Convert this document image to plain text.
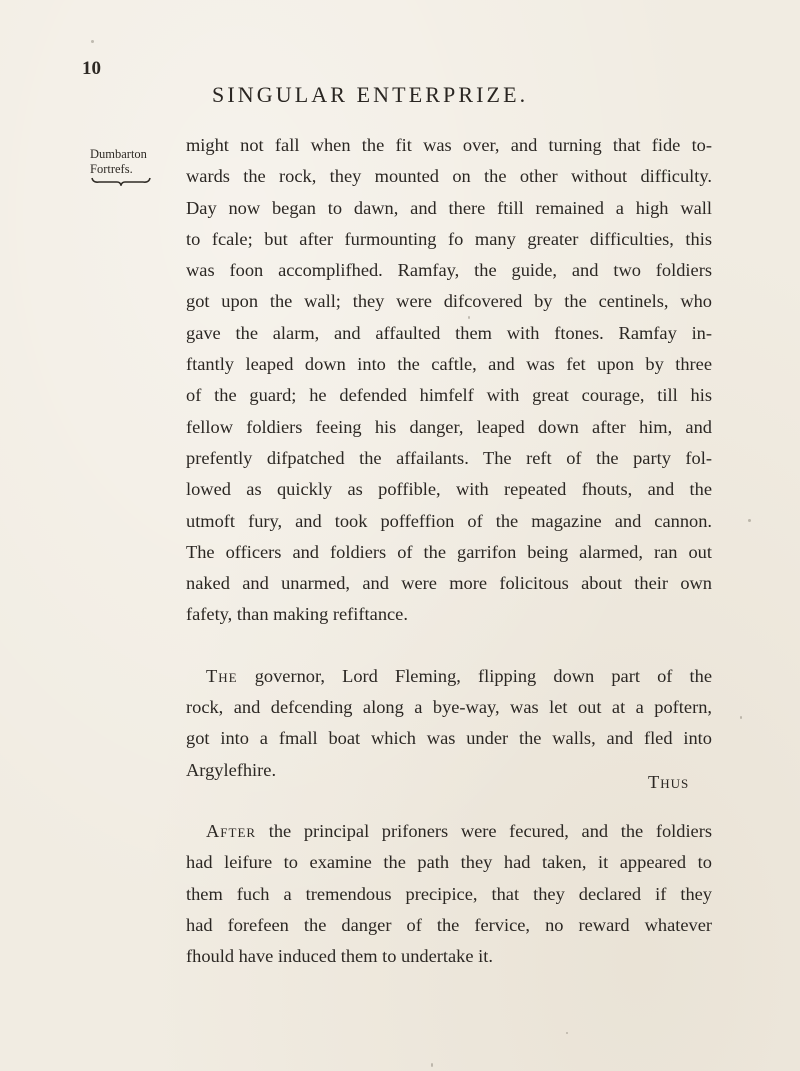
10
SINGULAR ENTERPRIZE.
Dumbarton
Fortrefs.
might not fall when the fit was over, and turning that fide to-
wards the rock, they mounted on the other without difficulty.
Day now began to dawn, and there ftill remained a high wall
to fcale; but after furmounting fo many greater difficulties, this
was foon accomplifhed. Ramfay, the guide, and two foldiers
got upon the wall; they were difcovered by the centinels, who
gave the alarm, and affaulted them with ftones. Ramfay in-
ftantly leaped down into the caftle, and was fet upon by three
of the guard; he defended himfelf with great courage, till his
fellow foldiers feeing his danger, leaped down after him, and
prefently difpatched the affailants. The reft of the party fol-
lowed as quickly as poffible, with repeated fhouts, and the
utmoft fury, and took poffeffion of the magazine and cannon.
The officers and foldiers of the garrifon being alarmed, ran out
naked and unarmed, and were more folicitous about their own
fafety, than making refiftance.
The governor, Lord Fleming, flipping down part of the
rock, and defcending along a bye-way, was let out at a poftern,
got into a fmall boat which was under the walls, and fled into
Argylefhire.
After the principal prifoners were fecured, and the foldiers
had leifure to examine the path they had taken, it appeared to
them fuch a tremendous precipice, that they declared if they
had forefeen the danger of the fervice, no reward whatever
fhould have induced them to undertake it.
Thus
